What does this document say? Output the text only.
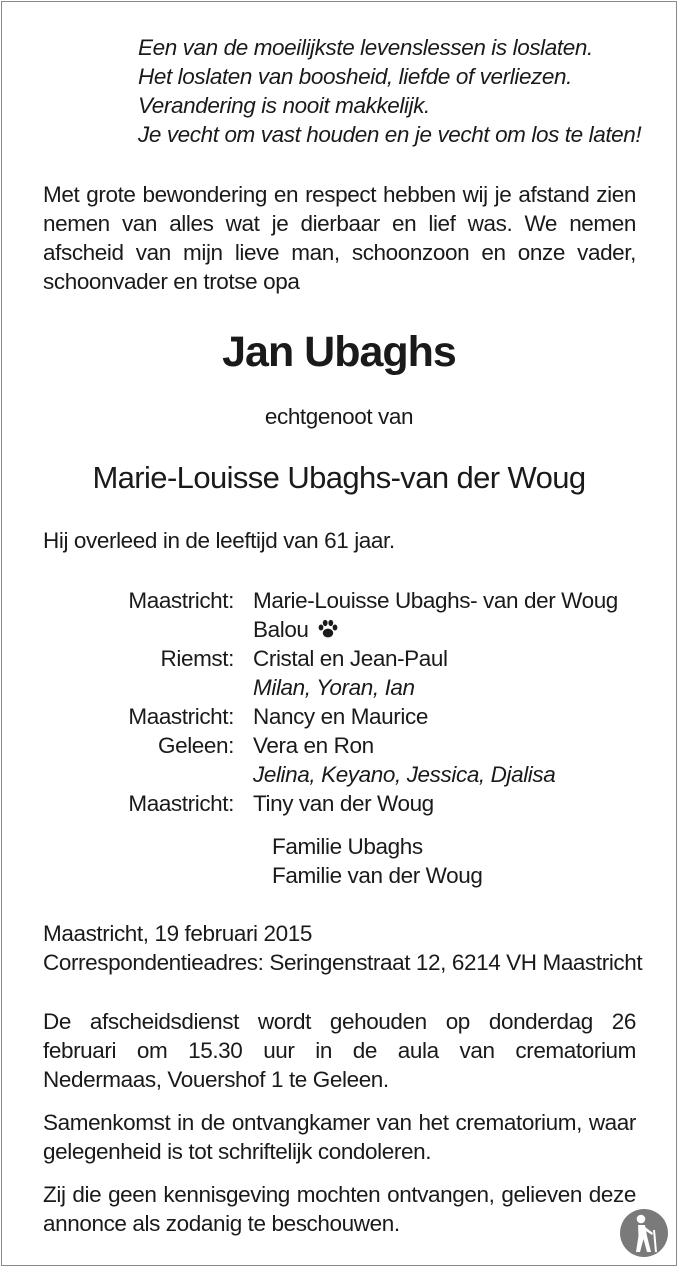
Een van de moeilijkste levenslessen is loslaten.
Het loslaten van boosheid, liefde of verliezen.
Verandering is nooit makkelijk.
Je vecht om vast houden en je vecht om los te laten!
Met grote bewondering en respect hebben wij je afstand zien nemen van alles wat je dierbaar en lief was. We nemen afscheid van mijn lieve man, schoonzoon en onze vader, schoonvader en trotse opa
Jan Ubaghs
echtgenoot van
Marie-Louisse Ubaghs-van der Woug
Hij overleed in de leeftijd van 61 jaar.
Maastricht: Marie-Louisse Ubaghs- van der Woug
Balou
Riemst: Cristal en Jean-Paul
Milan, Yoran, Ian
Maastricht: Nancy en Maurice
Geleen: Vera en Ron
Jelina, Keyano, Jessica, Djalisa
Maastricht: Tiny van der Woug
Familie Ubaghs
Familie van der Woug
Maastricht, 19 februari 2015
Correspondentieadres: Seringenstraat 12, 6214 VH Maastricht
De afscheidsdienst wordt gehouden op donderdag 26 februari om 15.30 uur in de aula van crematorium Nedermaas, Vouershof 1 te Geleen.
Samenkomst in de ontvangkamer van het crematorium, waar gelegenheid is tot schriftelijk condoleren.
Zij die geen kennisgeving mochten ontvangen, gelieven deze annonce als zodanig te beschouwen.
